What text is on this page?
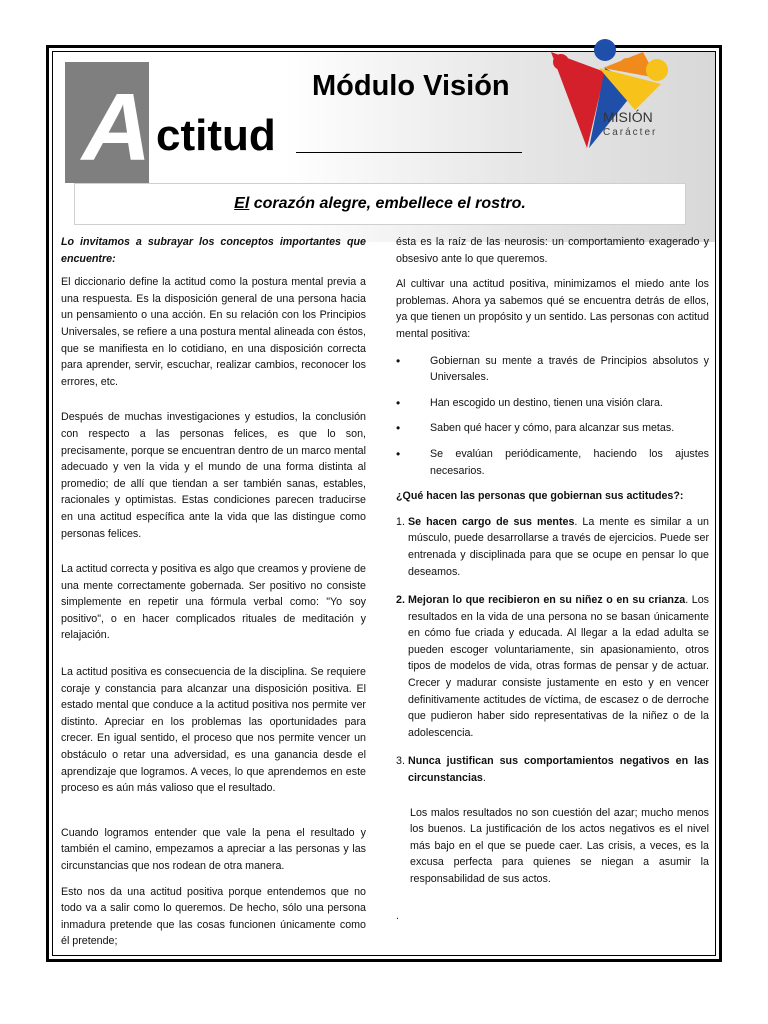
A ctitud
Módulo Visión
MISIÓN
Carácter
El corazón alegre, embellece el rostro.

Lo invitamos a subrayar los conceptos importantes que encuentre:

El diccionario define la actitud como la postura mental previa a una respuesta. Es la disposición general de una persona hacia un pensamiento o una acción. En su relación con los Principios Universales, se refiere a una postura mental alineada con éstos, que se manifiesta en lo cotidiano, en una disposición correcta para aprender, servir, escuchar, realizar cambios, reconocer los errores, etc.

Después de muchas investigaciones y estudios, la conclusión con respecto a las personas felices, es que lo son, precisamente, porque se encuentran dentro de un marco mental adecuado y ven la vida y el mundo de una forma distinta al promedio; de allí que tiendan a ser también sanas, estables, racionales y optimistas. Estas condiciones parecen traducirse en una actitud específica ante la vida que las distingue como personas felices.

La actitud correcta y positiva es algo que creamos y proviene de una mente correctamente gobernada. Ser positivo no consiste simplemente en repetir una fórmula verbal como: "Yo soy positivo", o en hacer complicados rituales de meditación y relajación.

La actitud positiva es consecuencia de la disciplina. Se requiere coraje y constancia para alcanzar una disposición positiva. El estado mental que conduce a la actitud positiva nos permite ver distinto. Apreciar en los problemas las oportunidades para crecer. En igual sentido, el proceso que nos permite vencer un obstáculo o retar una adversidad, es una ganancia desde el aprendizaje que logramos. A veces, lo que aprendemos en este proceso es aún más valioso que el resultado.

Cuando logramos entender que vale la pena el resultado y también el camino, empezamos a apreciar a las personas y las circunstancias que nos rodean de otra manera.

Esto nos da una actitud positiva porque entendemos que no todo va a salir como lo queremos. De hecho, sólo una persona inmadura pretende que las cosas funcionen únicamente como él pretende;

ésta es la raíz de las neurosis: un comportamiento exagerado y obsesivo ante lo que queremos.

Al cultivar una actitud positiva, minimizamos el miedo ante los problemas. Ahora ya sabemos qué se encuentra detrás de ellos, ya que tienen un propósito y un sentido. Las personas con actitud mental positiva:

• Gobiernan su mente a través de Principios absolutos y Universales.
• Han escogido un destino, tienen una visión clara.
• Saben qué hacer y cómo, para alcanzar sus metas.
• Se evalúan periódicamente, haciendo los ajustes necesarios.

¿Qué hacen las personas que gobiernan sus actitudes?:

1. Se hacen cargo de sus mentes. La mente es similar a un músculo, puede desarrollarse a través de ejercicios. Puede ser entrenada y disciplinada para que se ocupe en pensar lo que deseamos.
2. Mejoran lo que recibieron en su niñez o en su crianza. Los resultados en la vida de una persona no se basan únicamente en cómo fue criada y educada. Al llegar a la edad adulta se pueden escoger voluntariamente, sin apasionamiento, otros tipos de modelos de vida, otras formas de pensar y de actuar. Crecer y madurar consiste justamente en esto y en vencer definitivamente actitudes de víctima, de escasez o de derroche que pudieron haber sido representativas de la niñez o de la adolescencia.
3. Nunca justifican sus comportamientos negativos en las circunstancias.

Los malos resultados no son cuestión del azar; mucho menos los buenos. La justificación de los actos negativos es el nivel más bajo en el que se puede caer. Las crisis, a veces, es la excusa perfecta para quienes se niegan a asumir la responsabilidad de sus actos.

.
